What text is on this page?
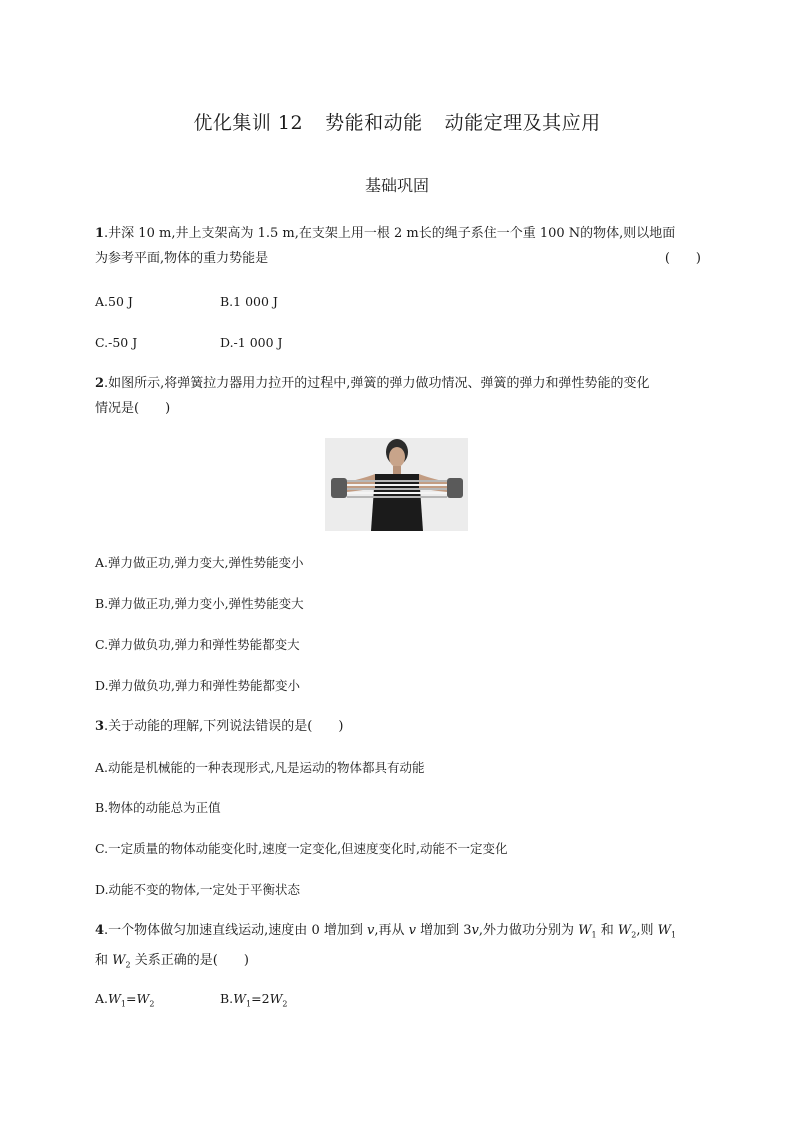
优化集训 12 势能和动能 动能定理及其应用
基础巩固
1.井深 10 m,井上支架高为 1.5 m,在支架上用一根 2 m长的绳子系住一个重 100 N的物体,则以地面
为参考平面,物体的重力势能是	(　　)
A.50 J	B.1 000 J
C.-50 J	D.-1 000 J
2.如图所示,将弹簧拉力器用力拉开的过程中,弹簧的弹力做功情况、弹簧的弹力和弹性势能的变化
情况是(　　)
A.弹力做正功,弹力变大,弹性势能变小
B.弹力做正功,弹力变小,弹性势能变大
C.弹力做负功,弹力和弹性势能都变大
D.弹力做负功,弹力和弹性势能都变小
3.关于动能的理解,下列说法错误的是(　　)
A.动能是机械能的一种表现形式,凡是运动的物体都具有动能
B.物体的动能总为正值
C.一定质量的物体动能变化时,速度一定变化,但速度变化时,动能不一定变化
D.动能不变的物体,一定处于平衡状态
4.一个物体做匀加速直线运动,速度由 0 增加到 v,再从 v 增加到 3v,外力做功分别为 $W_1$ 和 $W_2$,则 $W_1$
和 $W_2$ 关系正确的是(　　)
$A.W_1=W_2$	$B.W_1=2W_2$
